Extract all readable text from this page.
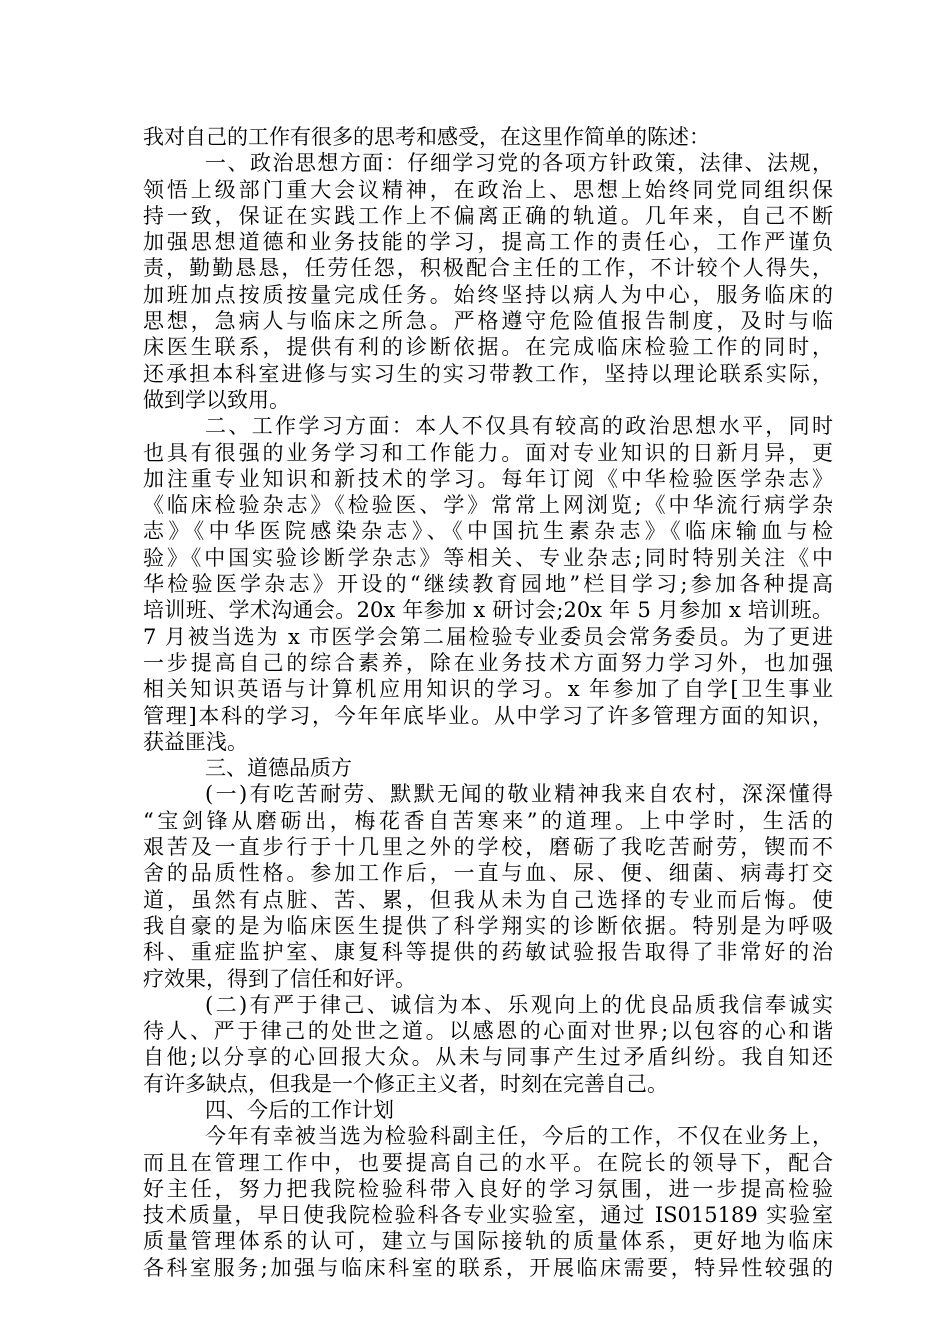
我对自己的工作有很多的思考和感受，在这里作简单的陈述：
一、政治思想方面：仔细学习党的各项方针政策，法律、法规，
领悟上级部门重大会议精神，在政治上、思想上始终同党同组织保
持一致，保证在实践工作上不偏离正确的轨道。几年来，自己不断
加强思想道德和业务技能的学习，提高工作的责任心，工作严谨负
责，勤勤恳恳，任劳任怨，积极配合主任的工作，不计较个人得失，
加班加点按质按量完成任务。始终坚持以病人为中心，服务临床的
思想，急病人与临床之所急。严格遵守危险值报告制度，及时与临
床医生联系，提供有利的诊断依据。在完成临床检验工作的同时，
还承担本科室进修与实习生的实习带教工作，坚持以理论联系实际，
做到学以致用。
二、工作学习方面：本人不仅具有较高的政治思想水平，同时
也具有很强的业务学习和工作能力。面对专业知识的日新月异，更
加注重专业知识和新技术的学习。每年订阅《中华检验医学杂志》
《临床检验杂志》《检验医、学》常常上网浏览;《中华流行病学杂
志》《中华医院感染杂志》、《中国抗生素杂志》《临床输血与检
验》《中国实验诊断学杂志》等相关、专业杂志;同时特别关注《中
华检验医学杂志》开设的“继续教育园地”栏目学习;参加各种提高
培训班、学术沟通会。20x 年参加 x 研讨会;20x 年 5 月参加 x 培训班。
7 月被当选为 x 市医学会第二届检验专业委员会常务委员。为了更进
一步提高自己的综合素养，除在业务技术方面努力学习外，也加强
相关知识英语与计算机应用知识的学习。x 年参加了自学[卫生事业
管理]本科的学习，今年年底毕业。从中学习了许多管理方面的知识，
获益匪浅。
三、道德品质方
(一)有吃苦耐劳、默默无闻的敬业精神我来自农村，深深懂得
“宝剑锋从磨砺出，梅花香自苦寒来”的道理。上中学时，生活的
艰苦及一直步行于十几里之外的学校，磨砺了我吃苦耐劳，锲而不
舍的品质性格。参加工作后，一直与血、尿、便、细菌、病毒打交
道，虽然有点脏、苦、累，但我从未为自己选择的专业而后悔。使
我自豪的是为临床医生提供了科学翔实的诊断依据。特别是为呼吸
科、重症监护室、康复科等提供的药敏试验报告取得了非常好的治
疗效果，得到了信任和好评。
(二)有严于律己、诚信为本、乐观向上的优良品质我信奉诚实
待人、严于律己的处世之道。以感恩的心面对世界;以包容的心和谐
自他;以分享的心回报大众。从未与同事产生过矛盾纠纷。我自知还
有许多缺点，但我是一个修正主义者，时刻在完善自己。
四、今后的工作计划
今年有幸被当选为检验科副主任，今后的工作，不仅在业务上，
而且在管理工作中，也要提高自己的水平。在院长的领导下，配合
好主任，努力把我院检验科带入良好的学习氛围，进一步提高检验
技术质量，早日使我院检验科各专业实验室，通过 IS015189 实验室
质量管理体系的认可，建立与国际接轨的质量体系，更好地为临床
各科室服务;加强与临床科室的联系，开展临床需要，特异性较强的
